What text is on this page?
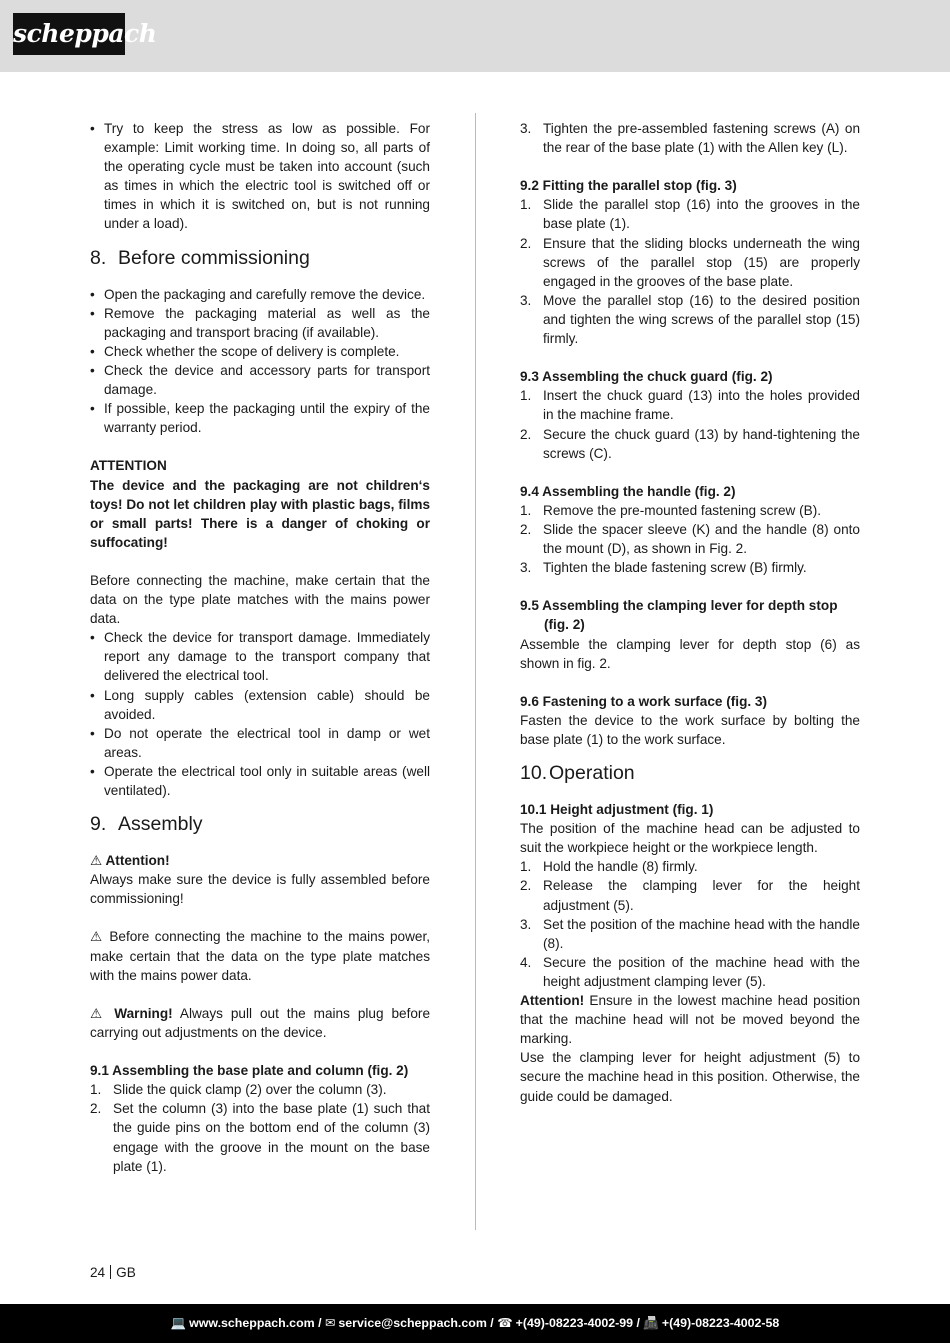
scheppach
• Try to keep the stress as low as possible. For example: Limit working time. In doing so, all parts of the operating cycle must be taken into account (such as times in which the electric tool is switched off or times in which it is switched on, but is not running under a load).
8. Before commissioning
• Open the packaging and carefully remove the device.
• Remove the packaging material as well as the packaging and transport bracing (if available).
• Check whether the scope of delivery is complete.
• Check the device and accessory parts for transport damage.
• If possible, keep the packaging until the expiry of the warranty period.

ATTENTION

The device and the packaging are not children‘s toys! Do not let children play with plastic bags, films or small parts! There is a danger of choking or suffocating!

Before connecting the machine, make certain that the data on the type plate matches with the mains power data.

• Check the device for transport damage. Immediately report any damage to the transport company that delivered the electrical tool.
• Long supply cables (extension cable) should be avoided.
• Do not operate the electrical tool in damp or wet areas.
• Operate the electrical tool only in suitable areas (well ventilated).
9. Assembly

⚠ Attention!

Always make sure the device is fully assembled before commissioning!

⚠ Before connecting the machine to the mains power, make certain that the data on the type plate matches with the mains power data.

⚠ Warning! Always pull out the mains plug before carrying out adjustments on the device.

9.1 Assembling the base plate and column (fig. 2)

1. Slide the quick clamp (2) over the column (3).
2. Set the column (3) into the base plate (1) such that the guide pins on the bottom end of the column (3) engage with the groove in the mount on the base plate (1).
3. Tighten the pre-assembled fastening screws (A) on the rear of the base plate (1) with the Allen key (L).

9.2 Fitting the parallel stop (fig. 3)

1. Slide the parallel stop (16) into the grooves in the base plate (1).
2. Ensure that the sliding blocks underneath the wing screws of the parallel stop (15) are properly engaged in the grooves of the base plate.
3. Move the parallel stop (16) to the desired position and tighten the wing screws of the parallel stop (15) firmly.

9.3 Assembling the chuck guard (fig. 2)

1. Insert the chuck guard (13) into the holes provided in the machine frame.
2. Secure the chuck guard (13) by hand-tightening the screws (C).

9.4 Assembling the handle (fig. 2)

1. Remove the pre-mounted fastening screw (B).
2. Slide the spacer sleeve (K) and the handle (8) onto the mount (D), as shown in Fig. 2.
3. Tighten the blade fastening screw (B) firmly.

9.5 Assembling the clamping lever for depth stop

(fig. 2)

Assemble the clamping lever for depth stop (6) as shown in fig. 2.

9.6 Fastening to a work surface (fig. 3)

Fasten the device to the work surface by bolting the base plate (1) to the work surface.

10.Operation

10.1 Height adjustment (fig. 1)

The position of the machine head can be adjusted to suit the workpiece height or the workpiece length.

1. Hold the handle (8) firmly.
2. Release the clamping lever for the height adjustment (5).
3. Set the position of the machine head with the handle (8).
4. Secure the position of the machine head with the height adjustment clamping lever (5).

Attention! Ensure in the lowest machine head position that the machine head will not be moved beyond the marking.

Use the clamping lever for height adjustment (5) to secure the machine head in this position. Otherwise, the guide could be damaged.

24 GB
💻 www.scheppach.com / ✉ service@scheppach.com / ☎ +(49)-08223-4002-99 / 📠 +(49)-08223-4002-58
